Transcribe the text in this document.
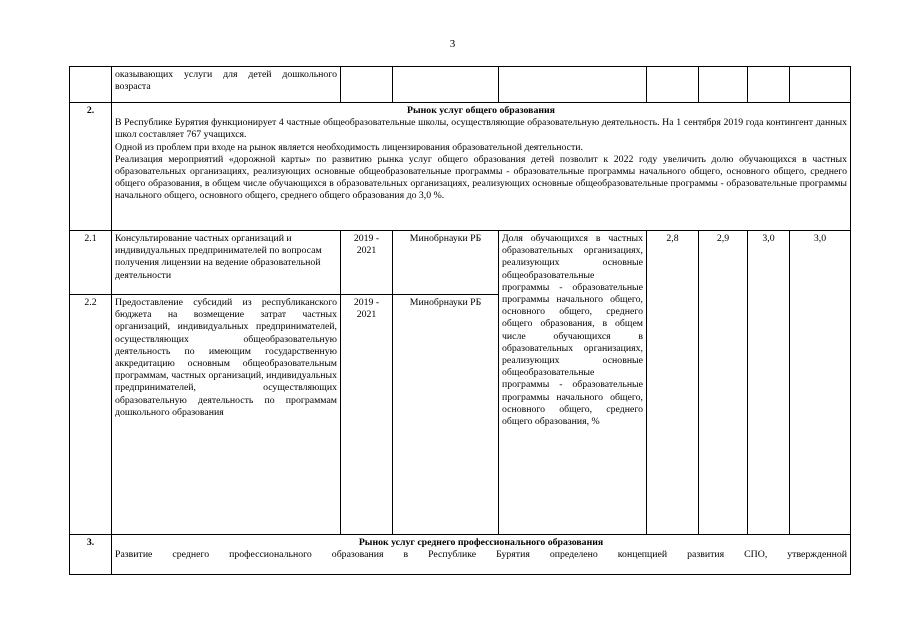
3

	оказывающих услуги для детей дошкольного возраста							

2.	Рынок услуг общего образования
В Республике Бурятия функционирует 4 частные общеобразовательные школы, осуществляющие образовательную деятельность. На 1 сентября 2019 года контингент данных школ составляет 767 учащихся.
Одной из проблем при входе на рынок является необходимость лицензирования образовательной деятельности.
Реализация мероприятий «дорожной карты» по развитию рынка услуг общего образования детей позволит к 2022 году увеличить долю обучающихся в частных образовательных организациях, реализующих основные общеобразовательные программы - образовательные программы начального общего, основного общего, среднего общего образования, в общем числе обучающихся в образовательных организациях, реализующих основные общеобразовательные программы - образовательные программы начального общего, основного общего, среднего общего образования до 3,0 %.							

2.1	Консультирование частных организаций и индивидуальных предпринимателей по вопросам получения лицензии на ведение образовательной деятельности	2019 - 2021	Минобрнауки РБ	Доля обучающихся в частных образовательных организациях, реализующих основные общеобразовательные программы - образовательные программы начального общего, основного общего, среднего общего образования, в общем числе обучающихся в образовательных организациях, реализующих основные общеобразовательные программы - образовательные программы начального общего, основного общего, среднего общего образования, %	2,8	2,9	3,0	3,0
2.2	Предоставление субсидий из республиканского бюджета на возмещение затрат частных организаций, индивидуальных предпринимателей, осуществляющих общеобразовательную деятельность по имеющим государственную аккредитацию основным общеобразовательным программам, частных организаций, индивидуальных предпринимателей, осуществляющих образовательную деятельность по программам дошкольного образования	2019 - 2021	Минобрнауки РБ					
3.	Рынок услуг среднего профессионального образования
Развитие среднего профессионального образования в Республике Бурятия определено концепцией развития СПО, утвержденной							
